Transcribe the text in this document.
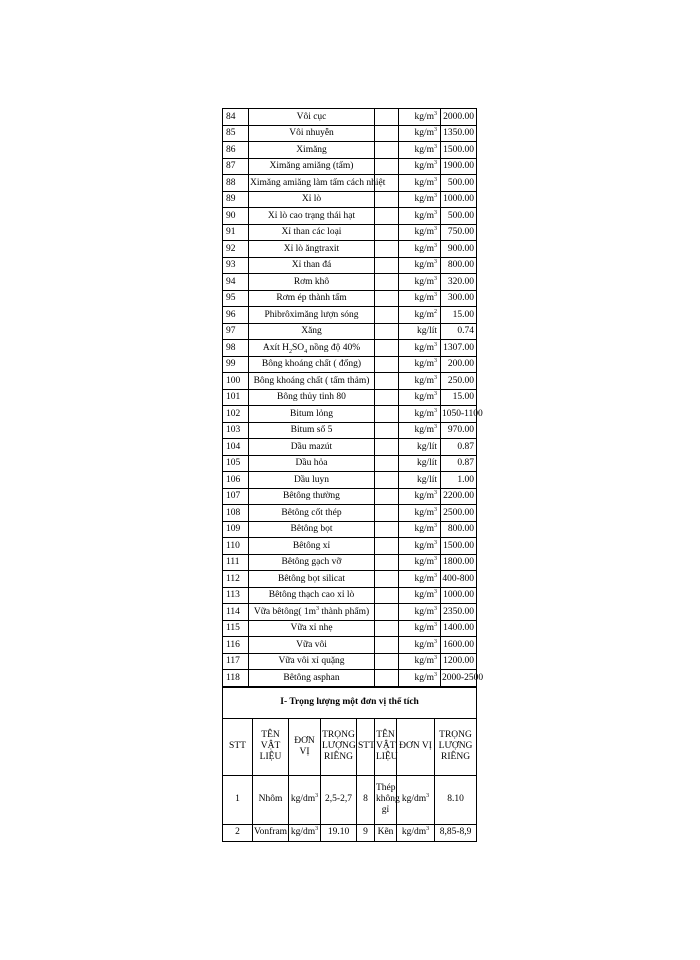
84	Vôi cục		$kg/m^3$	2000.00
85	Vôi nhuyễn		$kg/m^3$	1350.00
86	Ximăng		$kg/m^3$	1500.00
87	Ximăng amiăng (tấm)		$kg/m^3$	1900.00
88	Ximăng amiăng làm tấm cách nhiệt		$kg/m^3$	500.00
89	Xỉ lò		$kg/m^3$	1000.00
90	Xỉ lò cao trạng thái hạt		$kg/m^3$	500.00
91	Xỉ than các loại		$kg/m^3$	750.00
92	Xỉ lò ăngtraxit		$kg/m^3$	900.00
93	Xỉ than đá		$kg/m^3$	800.00
94	Rơm khô		$kg/m^3$	320.00
95	Rơm ép thành tấm		$kg/m^3$	300.00
96	Phibrôximăng lượn sóng		$kg/m^2$	15.00
97	Xăng		kg/lít	0.74
98	Axít $H_2SO_4$ nồng độ 40%		$kg/m^3$	1307.00
99	Bông khoáng chất ( đống)		$kg/m^3$	200.00
100	Bông khoáng chất ( tấm thảm)		$kg/m^3$	250.00
101	Bông thủy tinh 80		$kg/m^3$	15.00
102	Bitum lỏng		$kg/m^3$	1050-1100
103	Bitum số 5		$kg/m^3$	970.00
104	Dầu mazút		kg/lít	0.87
105	Dầu hỏa		kg/lít	0.87
106	Dầu luyn		kg/lít	1.00
107	Bêtông thường		$kg/m^3$	2200.00
108	Bêtông cốt thép		$kg/m^3$	2500.00
109	Bêtông bọt		$kg/m^3$	800.00
110	Bêtông xỉ		$kg/m^3$	1500.00
111	Bêtông gạch vỡ		$kg/m^3$	1800.00
112	Bêtông bọt silicat		$kg/m^3$	400-800
113	Bêtông thạch cao xỉ lò		$kg/m^3$	1000.00
114	Vữa bêtông( $1m^3$ thành phẩm)		$kg/m^3$	2350.00
115	Vữa xỉ nhẹ		$kg/m^3$	1400.00
116	Vữa vôi		$kg/m^3$	1600.00
117	Vữa vôi xỉ quặng		$kg/m^3$	1200.00
118	Bêtông asphan		$kg/m^3$	2000-2500
I- Trọng lượng một đơn vị thể tích							
STT	TÊN VẬT LIỆU	ĐƠN VỊ	TRỌNG LƯỢNG RIÊNG	STT	TÊN VẬT LIỆU	ĐƠN VỊ	TRỌNG LƯỢNG RIÊNG
1	Nhôm	$kg/dm^3$	2,5-2,7	8	Thép không gỉ	$kg/dm^3$	8.10
2	Vonfram	$kg/dm^3$	19.10	9	Kẽn	$kg/dm^3$	8,85-8,9
